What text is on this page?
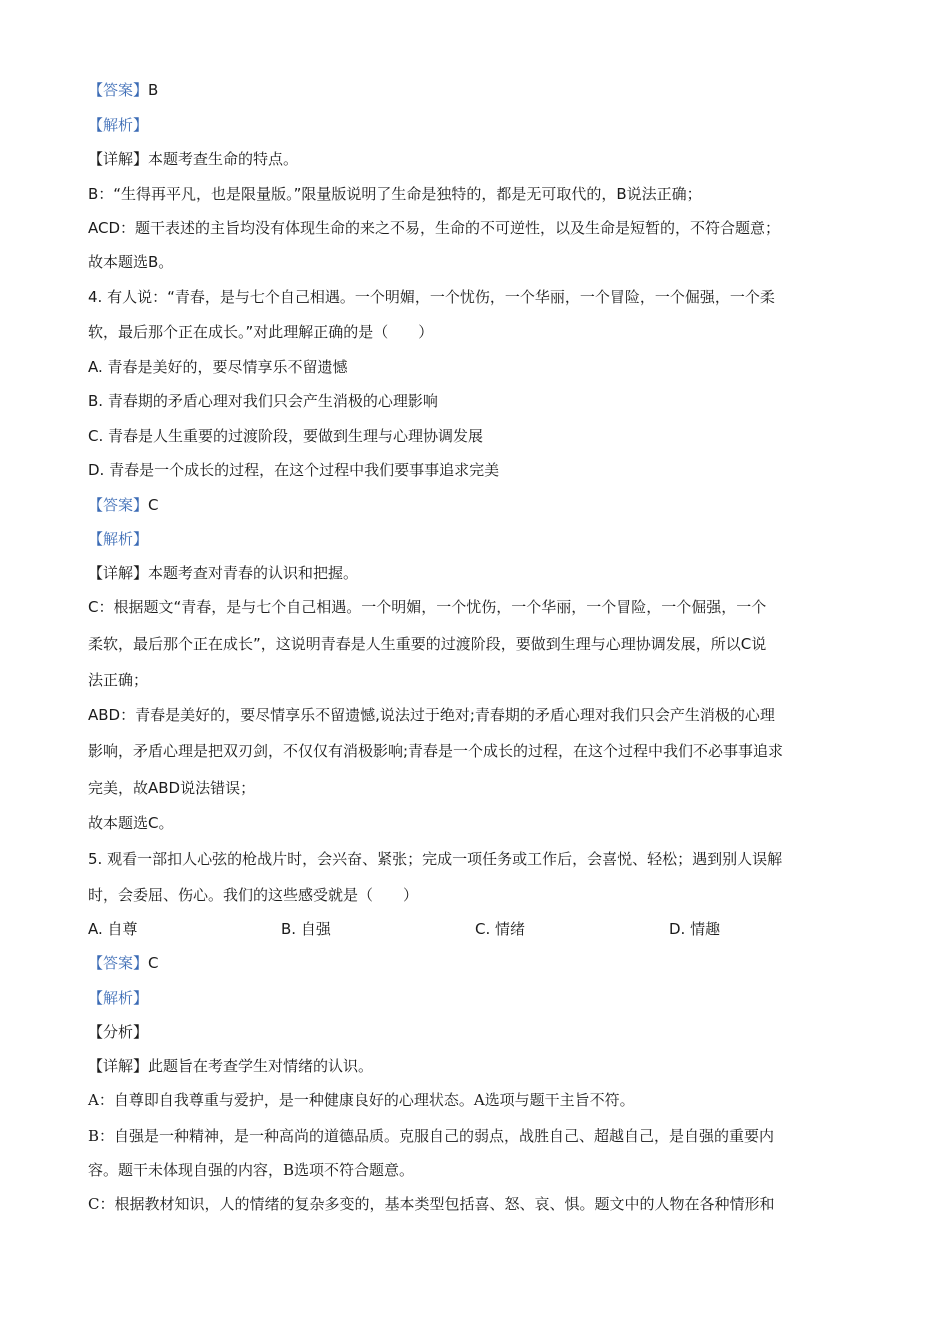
【答案】B
【解析】
【详解】本题考查生命的特点。
B：“生得再平凡，也是限量版。”限量版说明了生命是独特的，都是无可取代的，B说法正确；
ACD：题干表述的主旨均没有体现生命的来之不易，生命的不可逆性，以及生命是短暂的，不符合题意；
故本题选B。
4. 有人说：“青春，是与七个自己相遇。一个明媚，一个忧伤，一个华丽，一个冒险，一个倔强，一个柔
软，最后那个正在成长。”对此理解正确的是（　　）
A. 青春是美好的，要尽情享乐不留遗憾
B. 青春期的矛盾心理对我们只会产生消极的心理影响
C. 青春是人生重要的过渡阶段，要做到生理与心理协调发展
D. 青春是一个成长的过程，在这个过程中我们要事事追求完美
【答案】C
【解析】
【详解】本题考查对青春的认识和把握。
C：根据题文“青春，是与七个自己相遇。一个明媚，一个忧伤，一个华丽，一个冒险，一个倔强，一个
柔软，最后那个正在成长”，这说明青春是人生重要的过渡阶段，要做到生理与心理协调发展，所以C说
法正确；
ABD：青春是美好的，要尽情享乐不留遗憾,说法过于绝对;青春期的矛盾心理对我们只会产生消极的心理
影响，矛盾心理是把双刃剑，不仅仅有消极影响;青春是一个成长的过程，在这个过程中我们不必事事追求
完美，故ABD说法错误；
故本题选C。
5. 观看一部扣人心弦的枪战片时，会兴奋、紧张；完成一项任务或工作后，会喜悦、轻松；遇到别人误解
时，会委屈、伤心。我们的这些感受就是（　　）
A. 自尊	B. 自强	C. 情绪	D. 情趣
【答案】C
【解析】
【分析】
【详解】此题旨在考查学生对情绪的认识。
A：自尊即自我尊重与爱护，是一种健康良好的心理状态。A选项与题干主旨不符。
B：自强是一种精神，是一种高尚的道德品质。克服自己的弱点，战胜自己、超越自己，是自强的重要内
容。题干未体现自强的内容，B选项不符合题意。
C：根据教材知识，人的情绪的复杂多变的，基本类型包括喜、怒、哀、惧。题文中的人物在各种情形和
